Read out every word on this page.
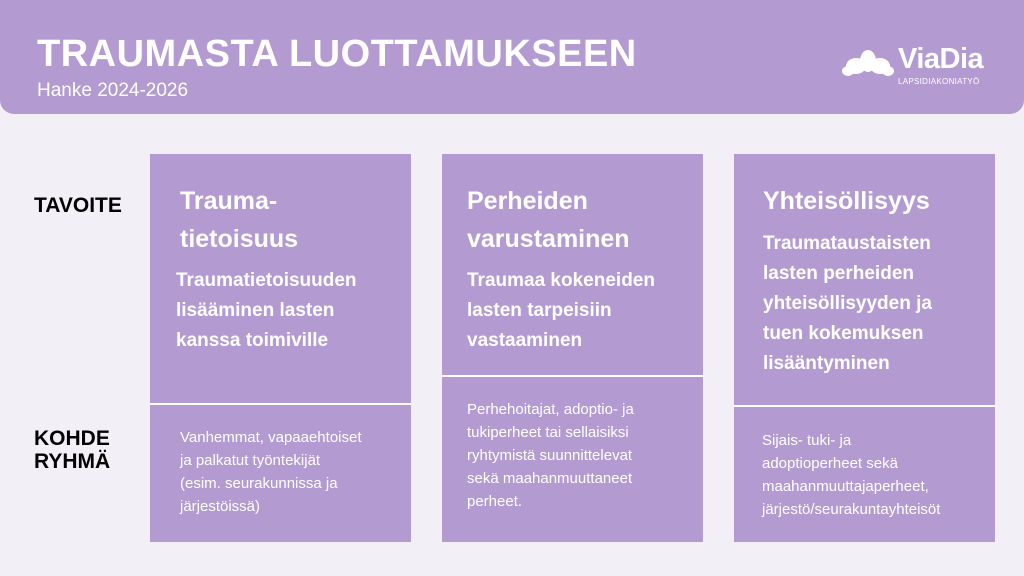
TRAUMASTA LUOTTAMUKSEEN
Hanke 2024-2026
ViaDia
LAPSIDIAKONIATYÖ
TAVOITE
KOHDE
RYHMÄ
Trauma-
tietoisuus
Traumatietoisuuden
lisääminen lasten
kanssa toimiville
Vanhemmat, vapaaehtoiset
ja palkatut työntekijät
(esim. seurakunnissa ja
järjestöissä)
Perheiden
varustaminen
Traumaa kokeneiden
lasten tarpeisiin
vastaaminen
Perhehoitajat, adoptio- ja
tukiperheet tai sellaisiksi
ryhtymistä suunnittelevat
sekä maahanmuuttaneet
perheet.
Yhteisöllisyys
Traumataustaisten
lasten perheiden
yhteisöllisyyden ja
tuen kokemuksen
lisääntyminen
Sijais- tuki- ja
adoptioperheet sekä
maahanmuuttajaperheet,
järjestö/seurakuntayhteisöt
